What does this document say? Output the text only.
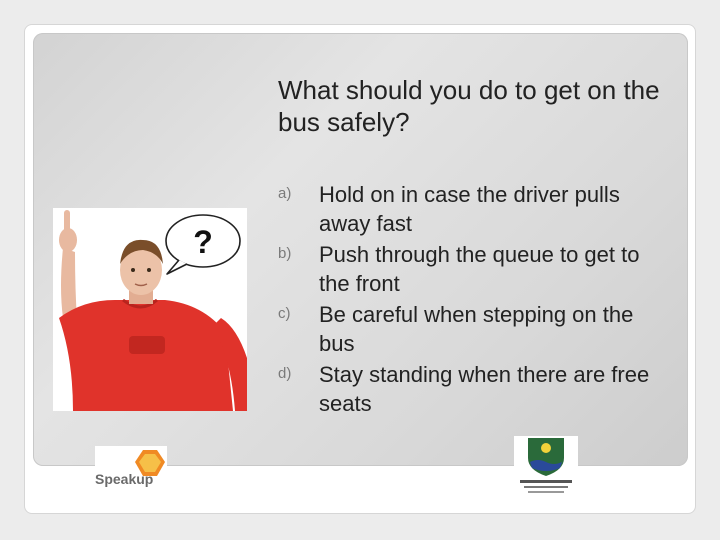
What should you do to get on the bus safely?
a)	Hold on in case the driver pulls away fast
b)	Push through the queue to get to the front
c)	Be careful when stepping on the bus
d)	Stay standing when there are free seats
?
Speakup
